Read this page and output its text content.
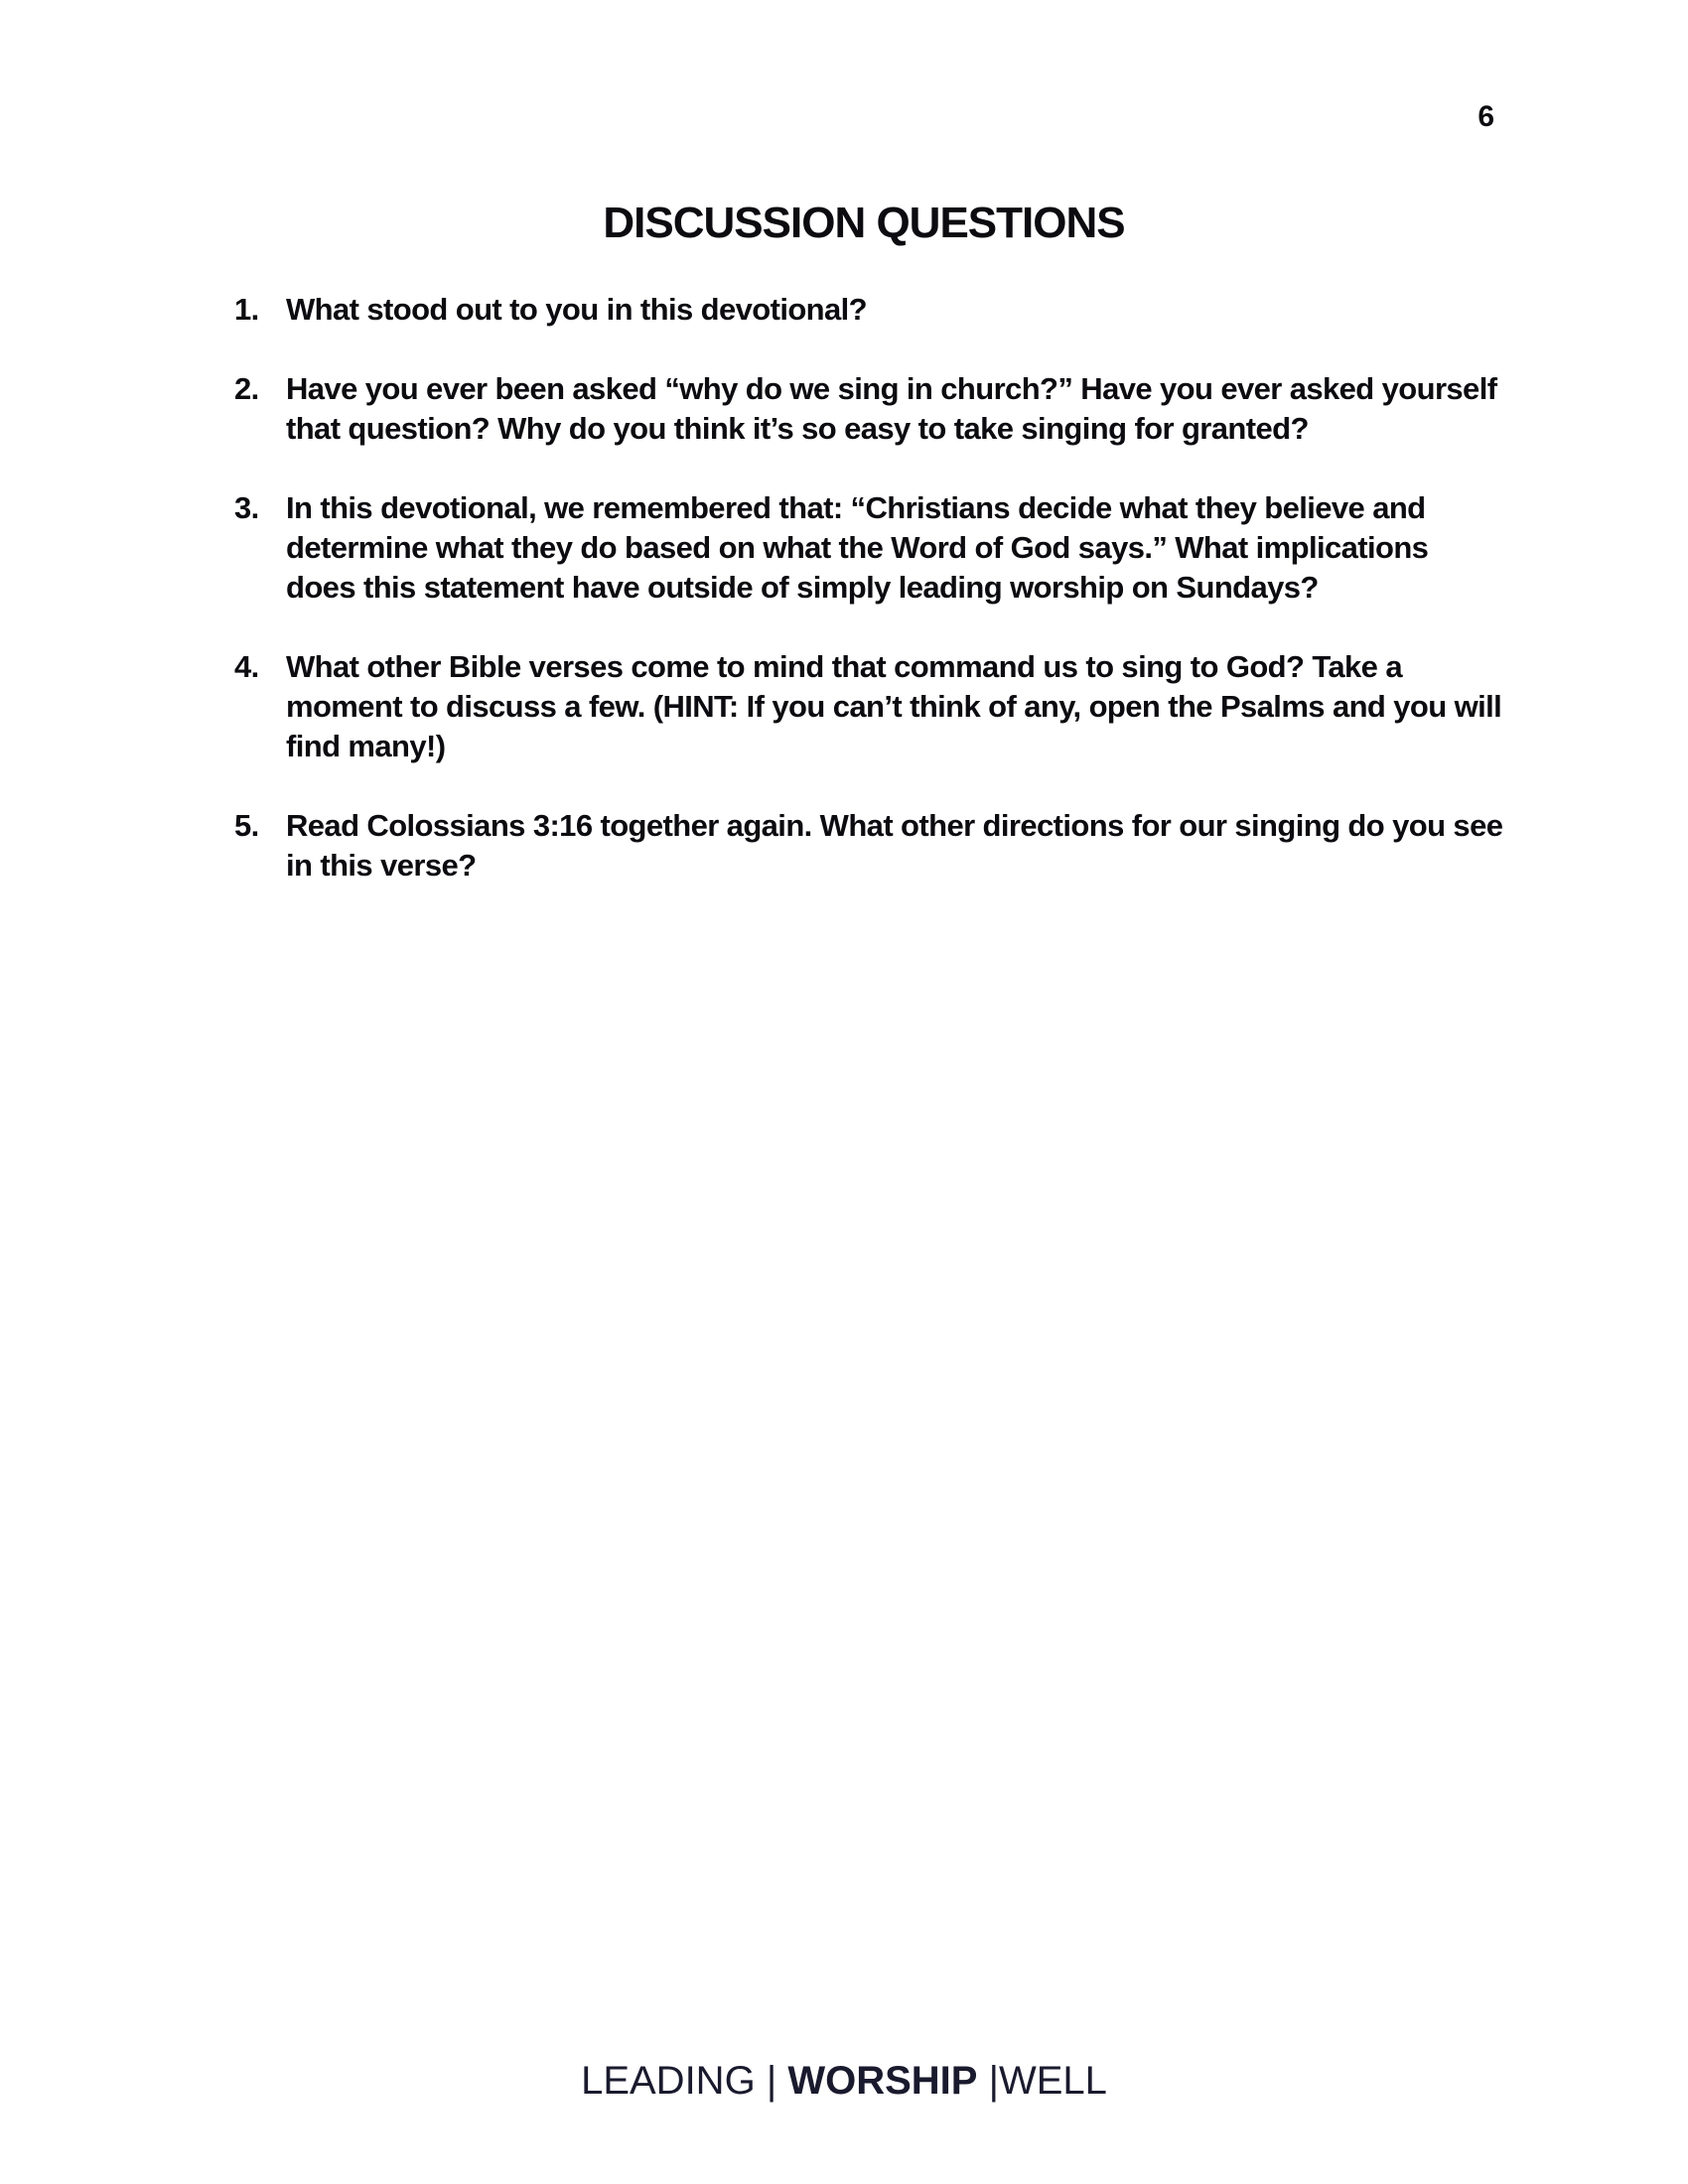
6
DISCUSSION QUESTIONS
1. What stood out to you in this devotional?
2. Have you ever been asked “why do we sing in church?” Have you ever asked yourself that question? Why do you think it’s so easy to take singing for granted?
3. In this devotional, we remembered that: “Christians decide what they believe and determine what they do based on what the Word of God says.” What implications does this statement have outside of simply leading worship on Sundays?
4. What other Bible verses come to mind that command us to sing to God? Take a moment to discuss a few. (HINT: If you can’t think of any, open the Psalms and you will find many!)
5. Read Colossians 3:16 together again. What other directions for our singing do you see in this verse?
LEADING | WORSHIP |WELL
